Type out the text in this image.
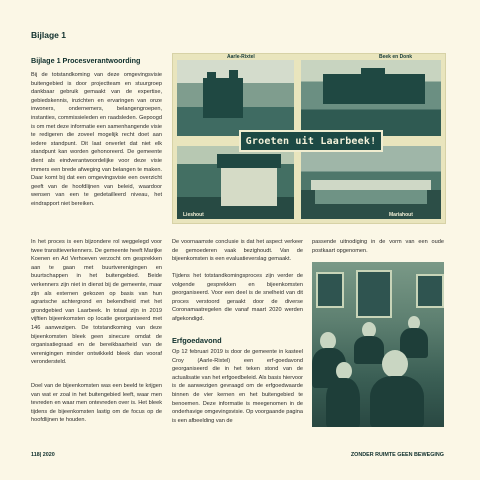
Bijlage 1
Bijlage 1 Procesverantwoording

Bij de totstandkoming van deze omgevingsvisie buitengebied is door projectteam en stuurgroep dankbaar gebruik gemaakt van de expertise, gebiedskennis, inzichten en ervaringen van onze inwoners, ondernemers, belangengroepen, instanties, commissieleden en raadsleden. Gepoogd is om met deze informatie een samenhangende visie te redigeren die zoveel mogelijk recht doet aan iedere standpunt. Dit laat onverlet dat niet elk standpunt kan worden gehonoreerd. De gemeente dient als eindverantwoordelijke voor deze visie immers een brede afweging van belangen te maken. Daar komt bij dat een omgevingsvisie een overzicht geeft van de hoofdlijnen van beleid, waardoor wensen van een te gedetailleerd niveau, het eindrapport niet bereiken.

In het proces is een bijzondere rol weggelegd voor twee transitieverkenners. De gemeente heeft Marijke Koenen en Ad Verhoeven verzocht om gesprekken aan te gaan met buurtverenigingen en buurtschappen in het buitengebied. Beide verkenners zijn niet in dienst bij de gemeente, maar zijn als externen gekozen op basis van hun agrarische achtergrond en bekendheid met het grondgebied van Laarbeek. In totaal zijn in 2019 vijftien bijeenkomsten op locatie georganiseerd met 146 aanwezigen. De totstandkoming van deze bijeenkomsten bleek geen sinecure omdat de organisatiegraad en de bereikbaarheid van de verenigingen minder ontwikkeld bleek dan vooraf verondersteld.

Doel van de bijeenkomsten was een beeld te krijgen van wat er zoal in het buitengebied leeft, waar men tevreden en waar men ontevreden over is. Het bleek tijdens de bijeenkomsten lastig om de focus op de hoofdlijnen te houden.

Aarle-Rixtel	Beek en Donk
Lieshout	Mariahout
Groeten uit Laarbeek!

De voornaamste conclusie is dat het aspect verkeer de gemoederen vaak bezighoudt. Van de bijeenkomsten is een evaluatieverslag gemaakt.

Tijdens het totstandkomingsproces zijn verder de volgende gesprekken en bijeenkomsten georganiseerd. Voor een deel is de snelheid van dit proces verstoord geraakt door de diverse Coronamaatregelen die vanaf maart 2020 werden afgekondigd.

Erfgoedavond

Op 12 februari 2019 is door de gemeente in kasteel Croy (Aarle-Rixtel) een erf-goedavond georganiseerd die in het teken stond van de actualisatie van het erfgoedbeleid. Als basis hiervoor is de aanwezigen gevraagd om de erfgoedwaarde binnen de vier kernen en het buitengebied te benoemen. Deze informatie is meegenomen in de onderhavige omgevingsvisie. Op voorgaande pagina is een afbeelding van de

passende uitnodiging in de vorm van een oude postkaart opgenomen.

118| 2020	ZONDER RUIMTE GEEN BEWEGING
